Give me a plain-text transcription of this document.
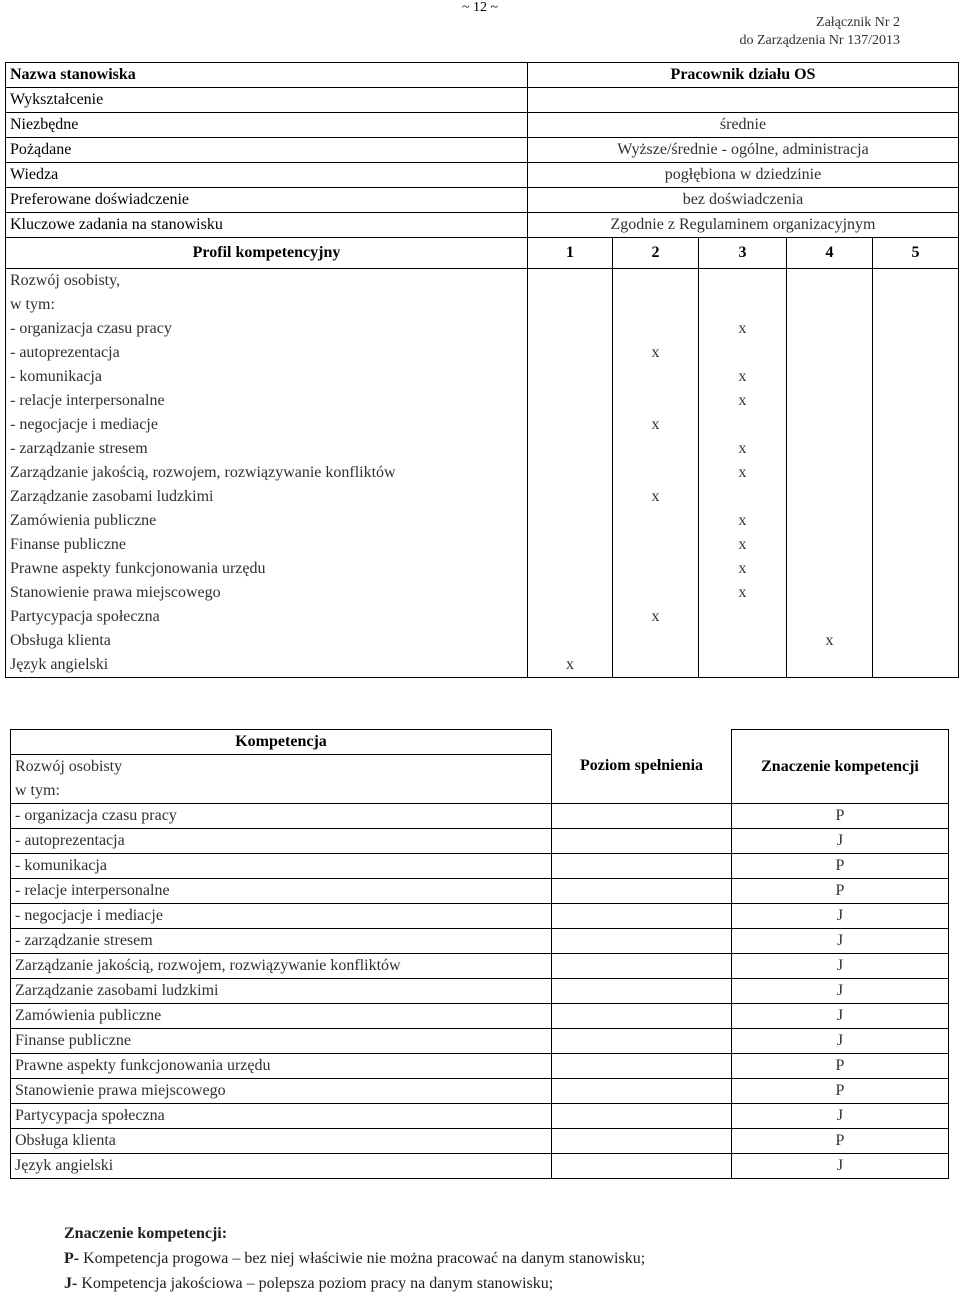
~ 12 ~
Załącznik Nr 2
do Zarządzenia Nr 137/2013
Nazwa stanowiska	Pracownik działu OS				
Wykształcenie					
Niezbędne	średnie				
Pożądane	Wyższe/średnie - ogólne, administracja				
Wiedza	pogłębiona w dziedzinie				
Preferowane doświadczenie	bez doświadczenia				
Kluczowe zadania na stanowisku	Zgodnie z Regulaminem organizacyjnym				
Profil kompetencyjny	1	2	3	4	5
Rozwój osobisty,					
w tym:					
- organizacja czasu pracy			x		
- autoprezentacja		x			
- komunikacja			x		
- relacje interpersonalne			x		
- negocjacje i mediacje		x			
- zarządzanie stresem			x		
Zarządzanie jakością, rozwojem, rozwiązywanie konfliktów			x		
Zarządzanie zasobami ludzkimi		x			
Zamówienia publiczne			x		
Finanse publiczne			x		
Prawne aspekty funkcjonowania urzędu			x		
Stanowienie prawa miejscowego			x		
Partycypacja społeczna		x			
Obsługa klienta				x	
Język angielski	x				
Kompetencja	Poziom spełnienia	Znaczenie kompetencji
Rozwój osobisty		
w tym:		
- organizacja czasu pracy		P
- autoprezentacja		J
- komunikacja		P
- relacje interpersonalne		P
- negocjacje i mediacje		J
- zarządzanie stresem		J
Zarządzanie jakością, rozwojem, rozwiązywanie konfliktów		J
Zarządzanie zasobami ludzkimi		J
Zamówienia publiczne		J
Finanse publiczne		J
Prawne aspekty funkcjonowania urzędu		P
Stanowienie prawa miejscowego		P
Partycypacja społeczna		J
Obsługa klienta		P
Język angielski		J
Znaczenie kompetencji:
P- Kompetencja progowa – bez niej właściwie nie można pracować na danym stanowisku;
J- Kompetencja jakościowa – polepsza poziom pracy na danym stanowisku;
